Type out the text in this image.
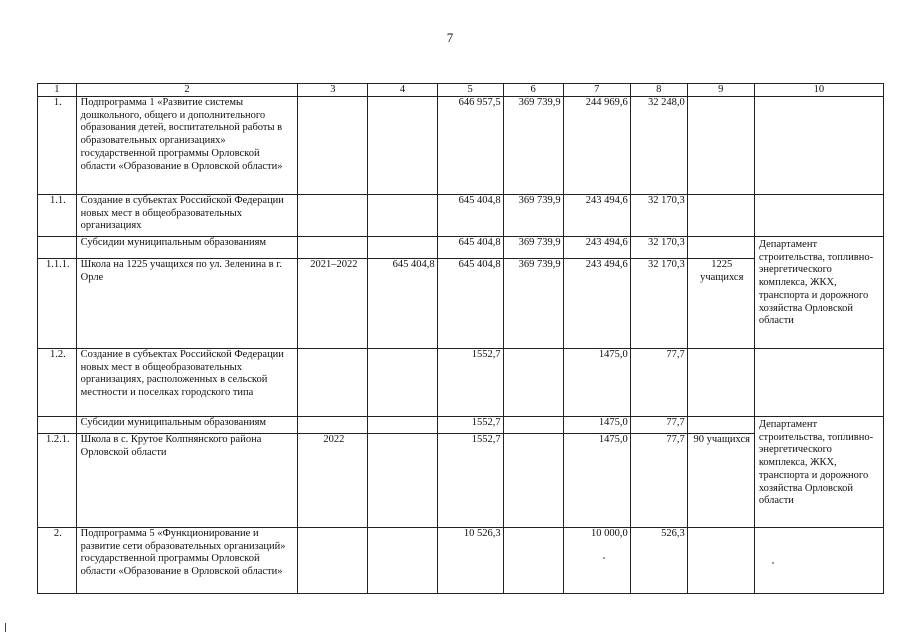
7
1	2	3	4	5	6	7	8	9	10
1.	Подпрограмма 1 «Развитие системы дошкольного, общего и дополнительного образования детей, воспитательной работы в образовательных организациях» государственной программы Орловской области «Образование в Орловской области»			646 957,5	369 739,9	244 969,6	32 248,0		
1.1.	Создание в субъектах Российской Федерации новых мест в общеобразовательных организациях			645 404,8	369 739,9	243 494,6	32 170,3		
	Субсидии муниципальным образованиям			645 404,8	369 739,9	243 494,6	32 170,3		Департамент строительства, топливно-энергетического комплекса, ЖКХ, транспорта и дорожного хозяйства Орловской области
1.1.1.	Школа на 1225 учащихся по ул. Зеленина в г. Орле	2021–2022	645 404,8	645 404,8	369 739,9	243 494,6	32 170,3	1225 учащихся	
1.2.	Создание в субъектах Российской Федерации новых мест в общеобразовательных организациях, расположенных в сельской местности и поселках городского типа			1552,7		1475,0	77,7		
	Субсидии муниципальным образованиям			1552,7		1475,0	77,7		Департамент строительства, топливно-энергетического комплекса, ЖКХ, транспорта и дорожного хозяйства Орловской области
1.2.1.	Школа в с. Крутое Колпнянского района Орловской области	2022		1552,7		1475,0	77,7	90 учащихся	
2.	Подпрограмма 5 «Функционирование и развитие сети образовательных организаций» государственной программы Орловской области «Образование в Орловской области»			10 526,3		10 000,0	526,3		
